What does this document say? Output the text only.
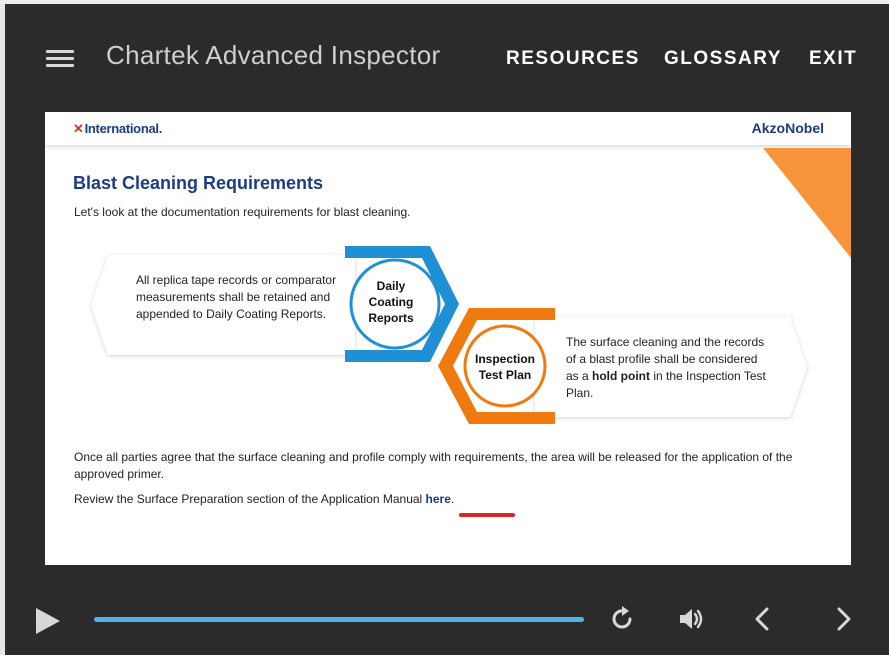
Chartek Advanced Inspector	RESOURCES GLOSSARY EXIT
✕International.	AkzoNobel
Blast Cleaning Requirements
Let's look at the documentation requirements for blast cleaning.
All replica tape records or comparator measurements shall be retained and appended to Daily Coating Reports.
Daily
Coating
Reports
Inspection
Test Plan
The surface cleaning and the records of a blast profile shall be considered as a hold point in the Inspection Test Plan.
Once all parties agree that the surface cleaning and profile comply with requirements, the area will be released for the application of the approved primer.
Review the Surface Preparation section of the Application Manual here.
